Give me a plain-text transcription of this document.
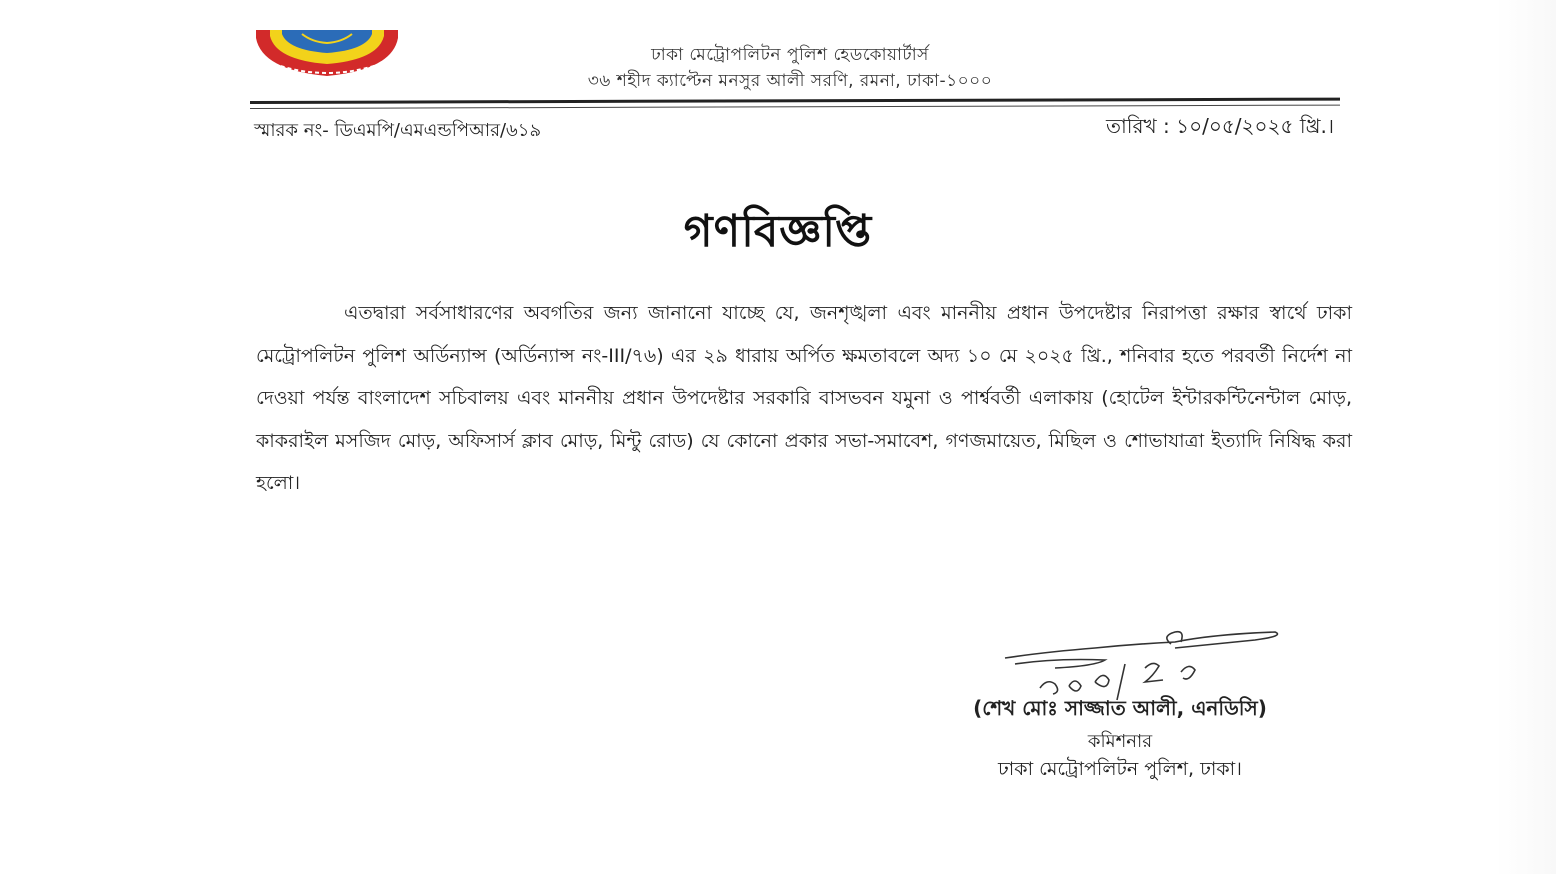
ঢাকা মেট্রোপলিটন পুলিশ হেডকোয়ার্টার্স
৩৬ শহীদ ক্যাপ্টেন মনসুর আলী সরণি, রমনা, ঢাকা-১০০০
স্মারক নং- ডিএমপি/এমএন্ডপিআর/৬১৯	তারিখ : ১০/০৫/২০২৫ খ্রি.।
গণবিজ্ঞপ্তি
এতদ্বারা সর্বসাধারণের অবগতির জন্য জানানো যাচ্ছে যে, জনশৃঙ্খলা এবং মাননীয় প্রধান উপদেষ্টার নিরাপত্তা রক্ষার স্বার্থে ঢাকা মেট্রোপলিটন পুলিশ অর্ডিন্যান্স (অর্ডিন্যান্স নং-III/৭৬) এর ২৯ ধারায় অর্পিত ক্ষমতাবলে অদ্য ১০ মে ২০২৫ খ্রি., শনিবার হতে পরবর্তী নির্দেশ না দেওয়া পর্যন্ত বাংলাদেশ সচিবালয় এবং মাননীয় প্রধান উপদেষ্টার সরকারি বাসভবন যমুনা ও পার্শ্ববর্তী এলাকায় (হোটেল ইন্টারকন্টিনেন্টাল মোড়, কাকরাইল মসজিদ মোড়, অফিসার্স ক্লাব মোড়, মিন্টু রোড) যে কোনো প্রকার সভা-সমাবেশ, গণজমায়েত, মিছিল ও শোভাযাত্রা ইত্যাদি নিষিদ্ধ করা হলো।
(শেখ মোঃ সাজ্জাত আলী, এনডিসি)
কমিশনার
ঢাকা মেট্রোপলিটন পুলিশ, ঢাকা।
